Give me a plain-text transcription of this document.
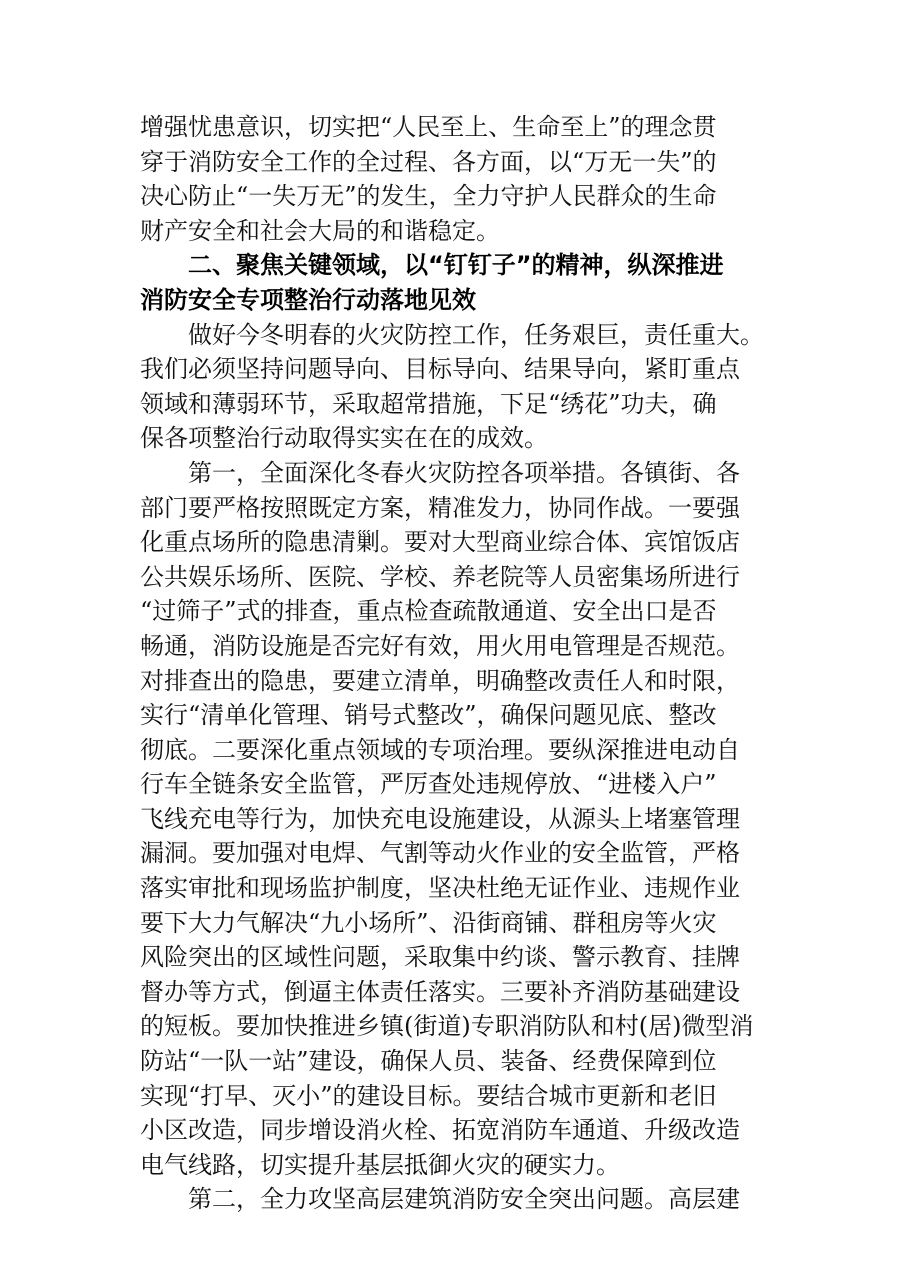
增强忧患意识，切实把“人民至上、生命至上”的理念贯
穿于消防安全工作的全过程、各方面，以“万无一失”的
决心防止“一失万无”的发生，全力守护人民群众的生命
财产安全和社会大局的和谐稳定。
二、聚焦关键领域，以“钉钉子”的精神，纵深推进
消防安全专项整治行动落地见效
做好今冬明春的火灾防控工作，任务艰巨，责任重大。
我们必须坚持问题导向、目标导向、结果导向，紧盯重点
领域和薄弱环节，采取超常措施，下足“绣花”功夫，确
保各项整治行动取得实实在在的成效。
第一，全面深化冬春火灾防控各项举措。各镇街、各
部门要严格按照既定方案，精准发力，协同作战。一要强
化重点场所的隐患清剿。要对大型商业综合体、宾馆饭店
公共娱乐场所、医院、学校、养老院等人员密集场所进行
“过筛子”式的排查，重点检查疏散通道、安全出口是否
畅通，消防设施是否完好有效，用火用电管理是否规范。
对排查出的隐患，要建立清单，明确整改责任人和时限，
实行“清单化管理、销号式整改”，确保问题见底、整改
彻底。二要深化重点领域的专项治理。要纵深推进电动自
行车全链条安全监管，严厉查处违规停放、“进楼入户”
飞线充电等行为，加快充电设施建设，从源头上堵塞管理
漏洞。要加强对电焊、气割等动火作业的安全监管，严格
落实审批和现场监护制度，坚决杜绝无证作业、违规作业
要下大力气解决“九小场所”、沿街商铺、群租房等火灾
风险突出的区域性问题，采取集中约谈、警示教育、挂牌
督办等方式，倒逼主体责任落实。三要补齐消防基础建设
的短板。要加快推进乡镇(街道)专职消防队和村(居)微型消
防站“一队一站”建设，确保人员、装备、经费保障到位
实现“打早、灭小”的建设目标。要结合城市更新和老旧
小区改造，同步增设消火栓、拓宽消防车通道、升级改造
电气线路，切实提升基层抵御火灾的硬实力。
第二，全力攻坚高层建筑消防安全突出问题。高层建
